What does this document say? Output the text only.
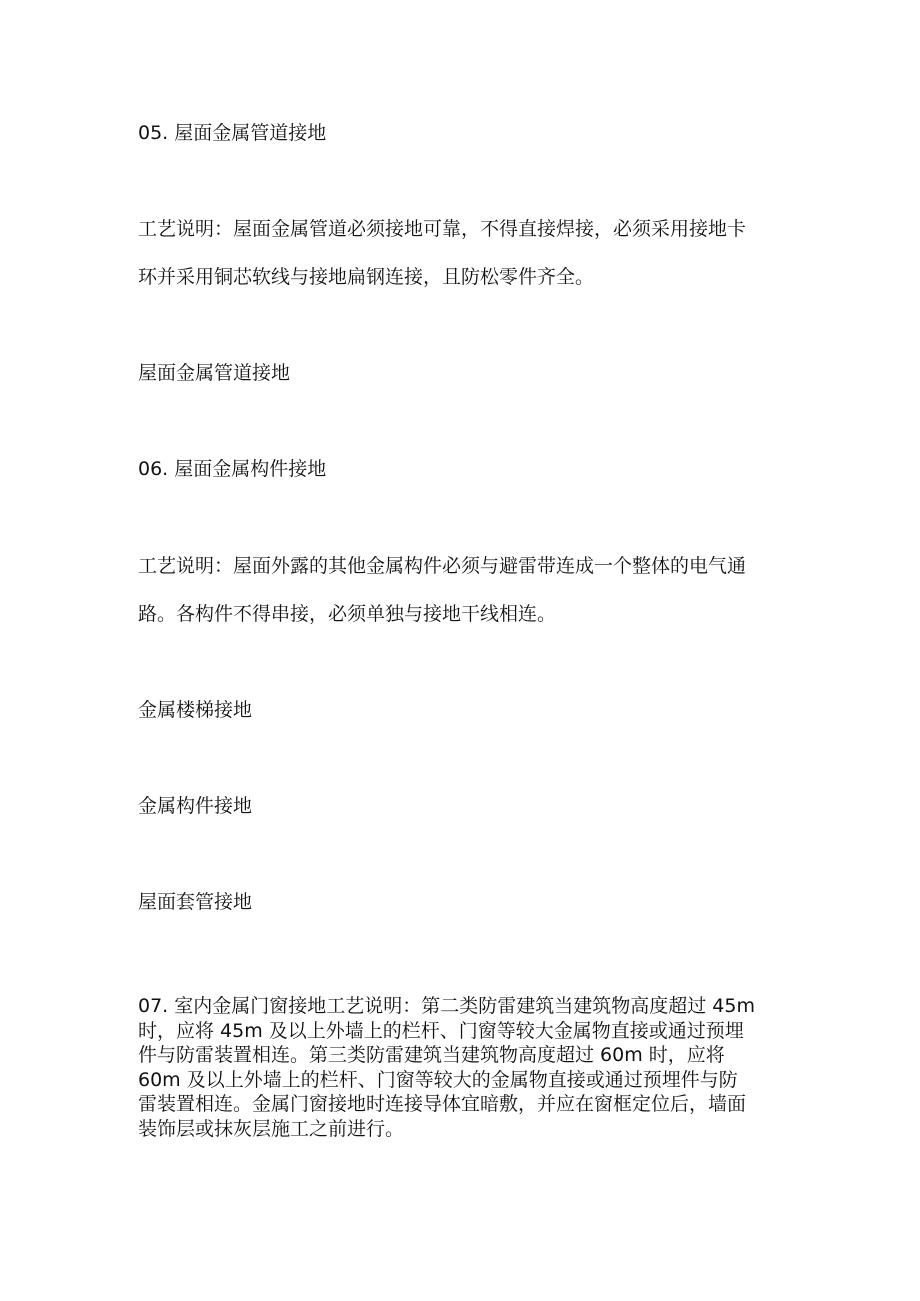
05. 屋面金属管道接地

工艺说明：屋面金属管道必须接地可靠，不得直接焊接，必须采用接地卡

环并采用铜芯软线与接地扁钢连接，且防松零件齐全。

屋面金属管道接地

06. 屋面金属构件接地

工艺说明：屋面外露的其他金属构件必须与避雷带连成一个整体的电气通

路。各构件不得串接，必须单独与接地干线相连。

金属楼梯接地

金属构件接地

屋面套管接地

07. 室内金属门窗接地工艺说明：第二类防雷建筑当建筑物高度超过 45m
时，应将 45m 及以上外墙上的栏杆、门窗等较大金属物直接或通过预埋
件与防雷装置相连。第三类防雷建筑当建筑物高度超过 60m 时，应将
60m 及以上外墙上的栏杆、门窗等较大的金属物直接或通过预埋件与防
雷装置相连。金属门窗接地时连接导体宜暗敷，并应在窗框定位后，墙面
装饰层或抹灰层施工之前进行。
